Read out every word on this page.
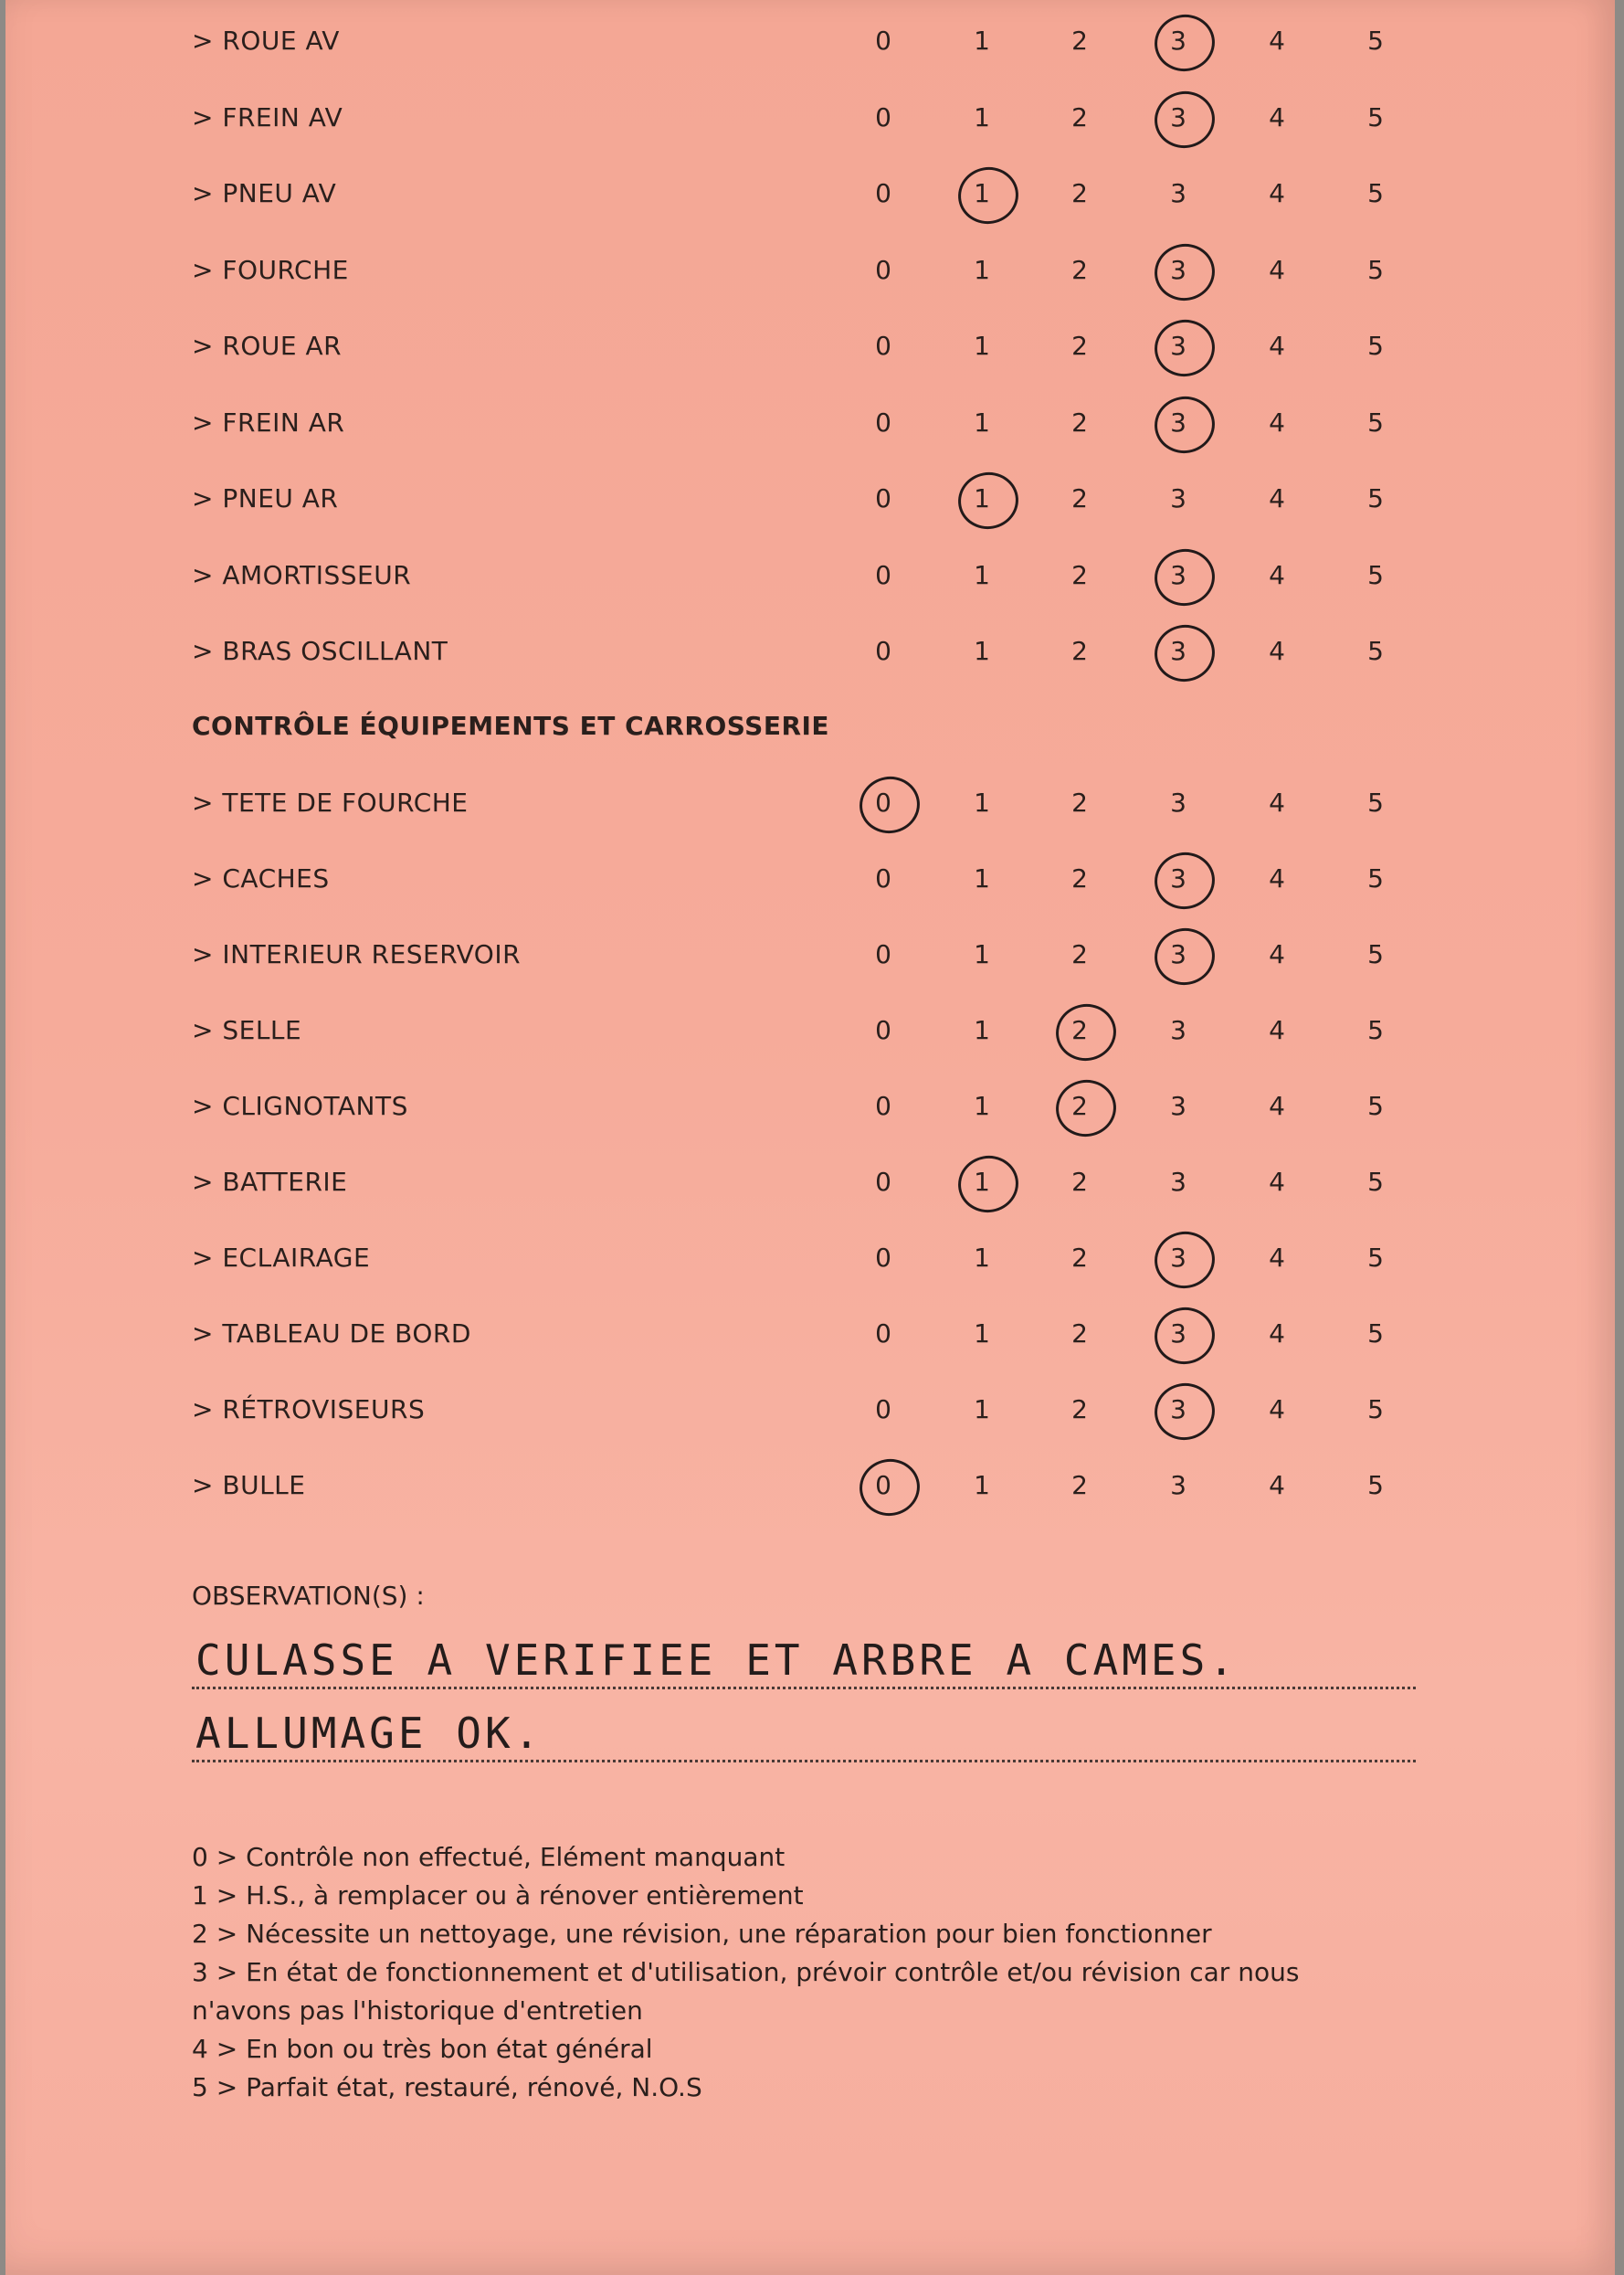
> ROUE AV	0	1	2	3	4	5
> FREIN AV	0	1	2	3	4	5
> PNEU AV	0	1	2	3	4	5
> FOURCHE	0	1	2	3	4	5
> ROUE AR	0	1	2	3	4	5
> FREIN AR	0	1	2	3	4	5
> PNEU AR	0	1	2	3	4	5
> AMORTISSEUR	0	1	2	3	4	5
> BRAS OSCILLANT	0	1	2	3	4	5
CONTRÔLE ÉQUIPEMENTS ET CARROSSERIE
> TETE DE FOURCHE	0	1	2	3	4	5
> CACHES	0	1	2	3	4	5
> INTERIEUR RESERVOIR	0	1	2	3	4	5
> SELLE	0	1	2	3	4	5
> CLIGNOTANTS	0	1	2	3	4	5
> BATTERIE	0	1	2	3	4	5
> ECLAIRAGE	0	1	2	3	4	5
> TABLEAU DE BORD	0	1	2	3	4	5
> RÉTROVISEURS	0	1	2	3	4	5
> BULLE	0	1	2	3	4	5
OBSERVATION(S) :
CULASSE A VERIFIEE ET ARBRE A CAMES.
ALLUMAGE OK.
0 > Contrôle non effectué, Elément manquant
1 > H.S., à remplacer ou à rénover entièrement
2 > Nécessite un nettoyage, une révision, une réparation pour bien fonctionner
3 > En état de fonctionnement et d'utilisation, prévoir contrôle et/ou révision car nous
n'avons pas l'historique d'entretien
4 > En bon ou très bon état général
5 > Parfait état, restauré, rénové, N.O.S
